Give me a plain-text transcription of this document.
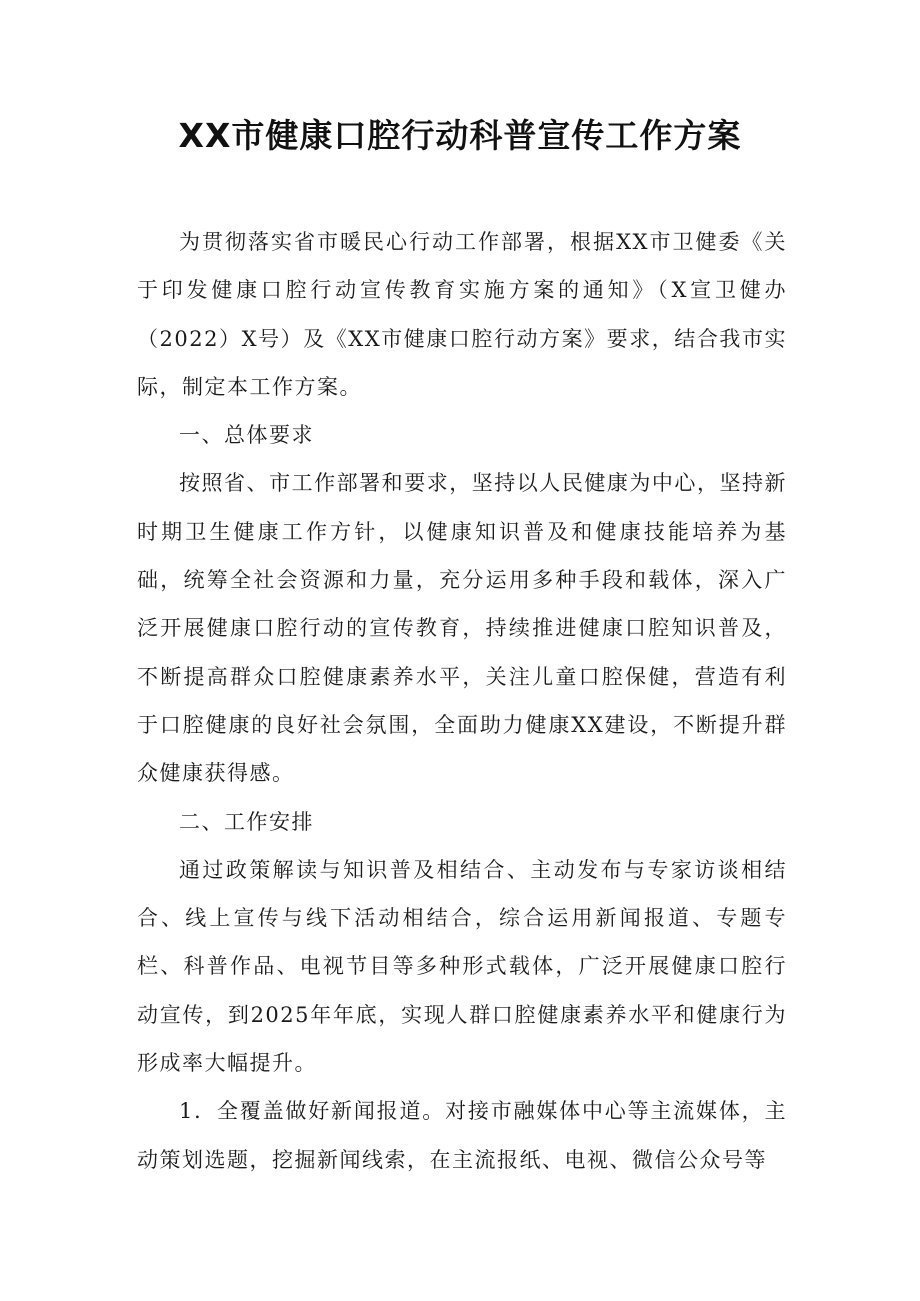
XX市健康口腔行动科普宣传工作方案

为贯彻落实省市暖民心行动工作部署，根据XX市卫健委《关于印发健康口腔行动宣传教育实施方案的通知》（X宣卫健办（2022）X号）及《XX市健康口腔行动方案》要求，结合我市实际，制定本工作方案。

一、总体要求

按照省、市工作部署和要求，坚持以人民健康为中心，坚持新时期卫生健康工作方针，以健康知识普及和健康技能培养为基础，统筹全社会资源和力量，充分运用多种手段和载体，深入广泛开展健康口腔行动的宣传教育，持续推进健康口腔知识普及，不断提高群众口腔健康素养水平，关注儿童口腔保健，营造有利于口腔健康的良好社会氛围，全面助力健康XX建设，不断提升群众健康获得感。

二、工作安排

通过政策解读与知识普及相结合、主动发布与专家访谈相结合、线上宣传与线下活动相结合，综合运用新闻报道、专题专栏、科普作品、电视节目等多种形式载体，广泛开展健康口腔行动宣传，到2025年年底，实现人群口腔健康素养水平和健康行为形成率大幅提升。

1．全覆盖做好新闻报道。对接市融媒体中心等主流媒体，主动策划选题，挖掘新闻线索，在主流报纸、电视、微信公众号等
